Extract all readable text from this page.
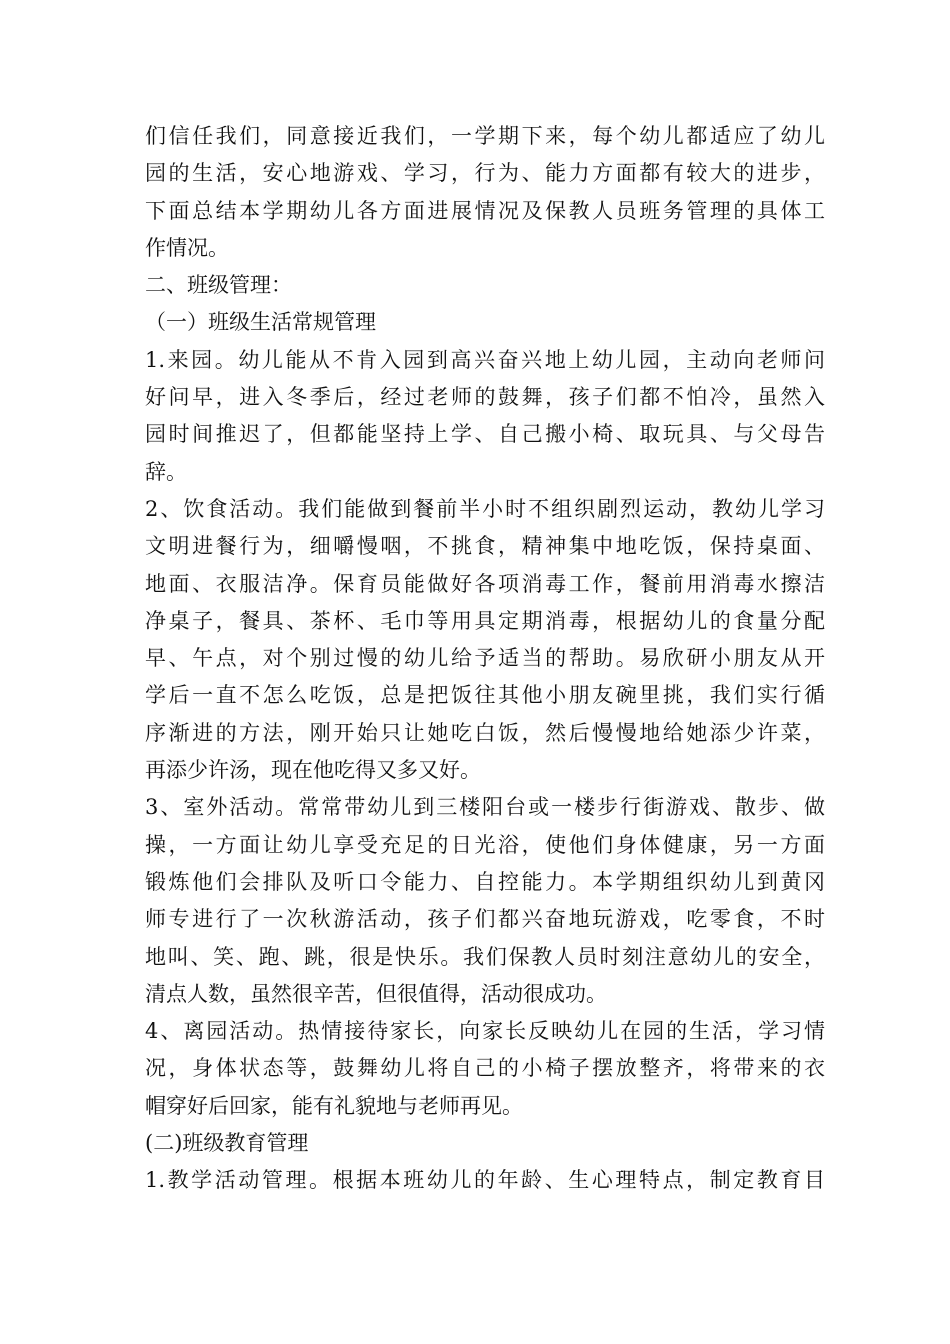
们信任我们，同意接近我们，一学期下来，每个幼儿都适应了幼儿
园的生活，安心地游戏、学习，行为、能力方面都有较大的进步，
下面总结本学期幼儿各方面进展情况及保教人员班务管理的具体工
作情况。
二、班级管理：
（一）班级生活常规管理
1.来园。幼儿能从不肯入园到高兴奋兴地上幼儿园，主动向老师问
好问早，进入冬季后，经过老师的鼓舞，孩子们都不怕冷，虽然入
园时间推迟了，但都能坚持上学、自己搬小椅、取玩具、与父母告
辞。
2、饮食活动。我们能做到餐前半小时不组织剧烈运动，教幼儿学习
文明进餐行为，细嚼慢咽，不挑食，精神集中地吃饭，保持桌面、
地面、衣服洁净。保育员能做好各项消毒工作，餐前用消毒水擦洁
净桌子，餐具、茶杯、毛巾等用具定期消毒，根据幼儿的食量分配
早、午点，对个别过慢的幼儿给予适当的帮助。易欣研小朋友从开
学后一直不怎么吃饭，总是把饭往其他小朋友碗里挑，我们实行循
序渐进的方法，刚开始只让她吃白饭，然后慢慢地给她添少许菜，
再添少许汤，现在他吃得又多又好。
3、室外活动。常常带幼儿到三楼阳台或一楼步行街游戏、散步、做
操，一方面让幼儿享受充足的日光浴，使他们身体健康，另一方面
锻炼他们会排队及听口令能力、自控能力。本学期组织幼儿到黄冈
师专进行了一次秋游活动，孩子们都兴奋地玩游戏，吃零食，不时
地叫、笑、跑、跳，很是快乐。我们保教人员时刻注意幼儿的安全，
清点人数，虽然很辛苦，但很值得，活动很成功。
4、离园活动。热情接待家长，向家长反映幼儿在园的生活，学习情
况，身体状态等，鼓舞幼儿将自己的小椅子摆放整齐，将带来的衣
帽穿好后回家，能有礼貌地与老师再见。
(二)班级教育管理
1.教学活动管理。根据本班幼儿的年龄、生心理特点，制定教育目
